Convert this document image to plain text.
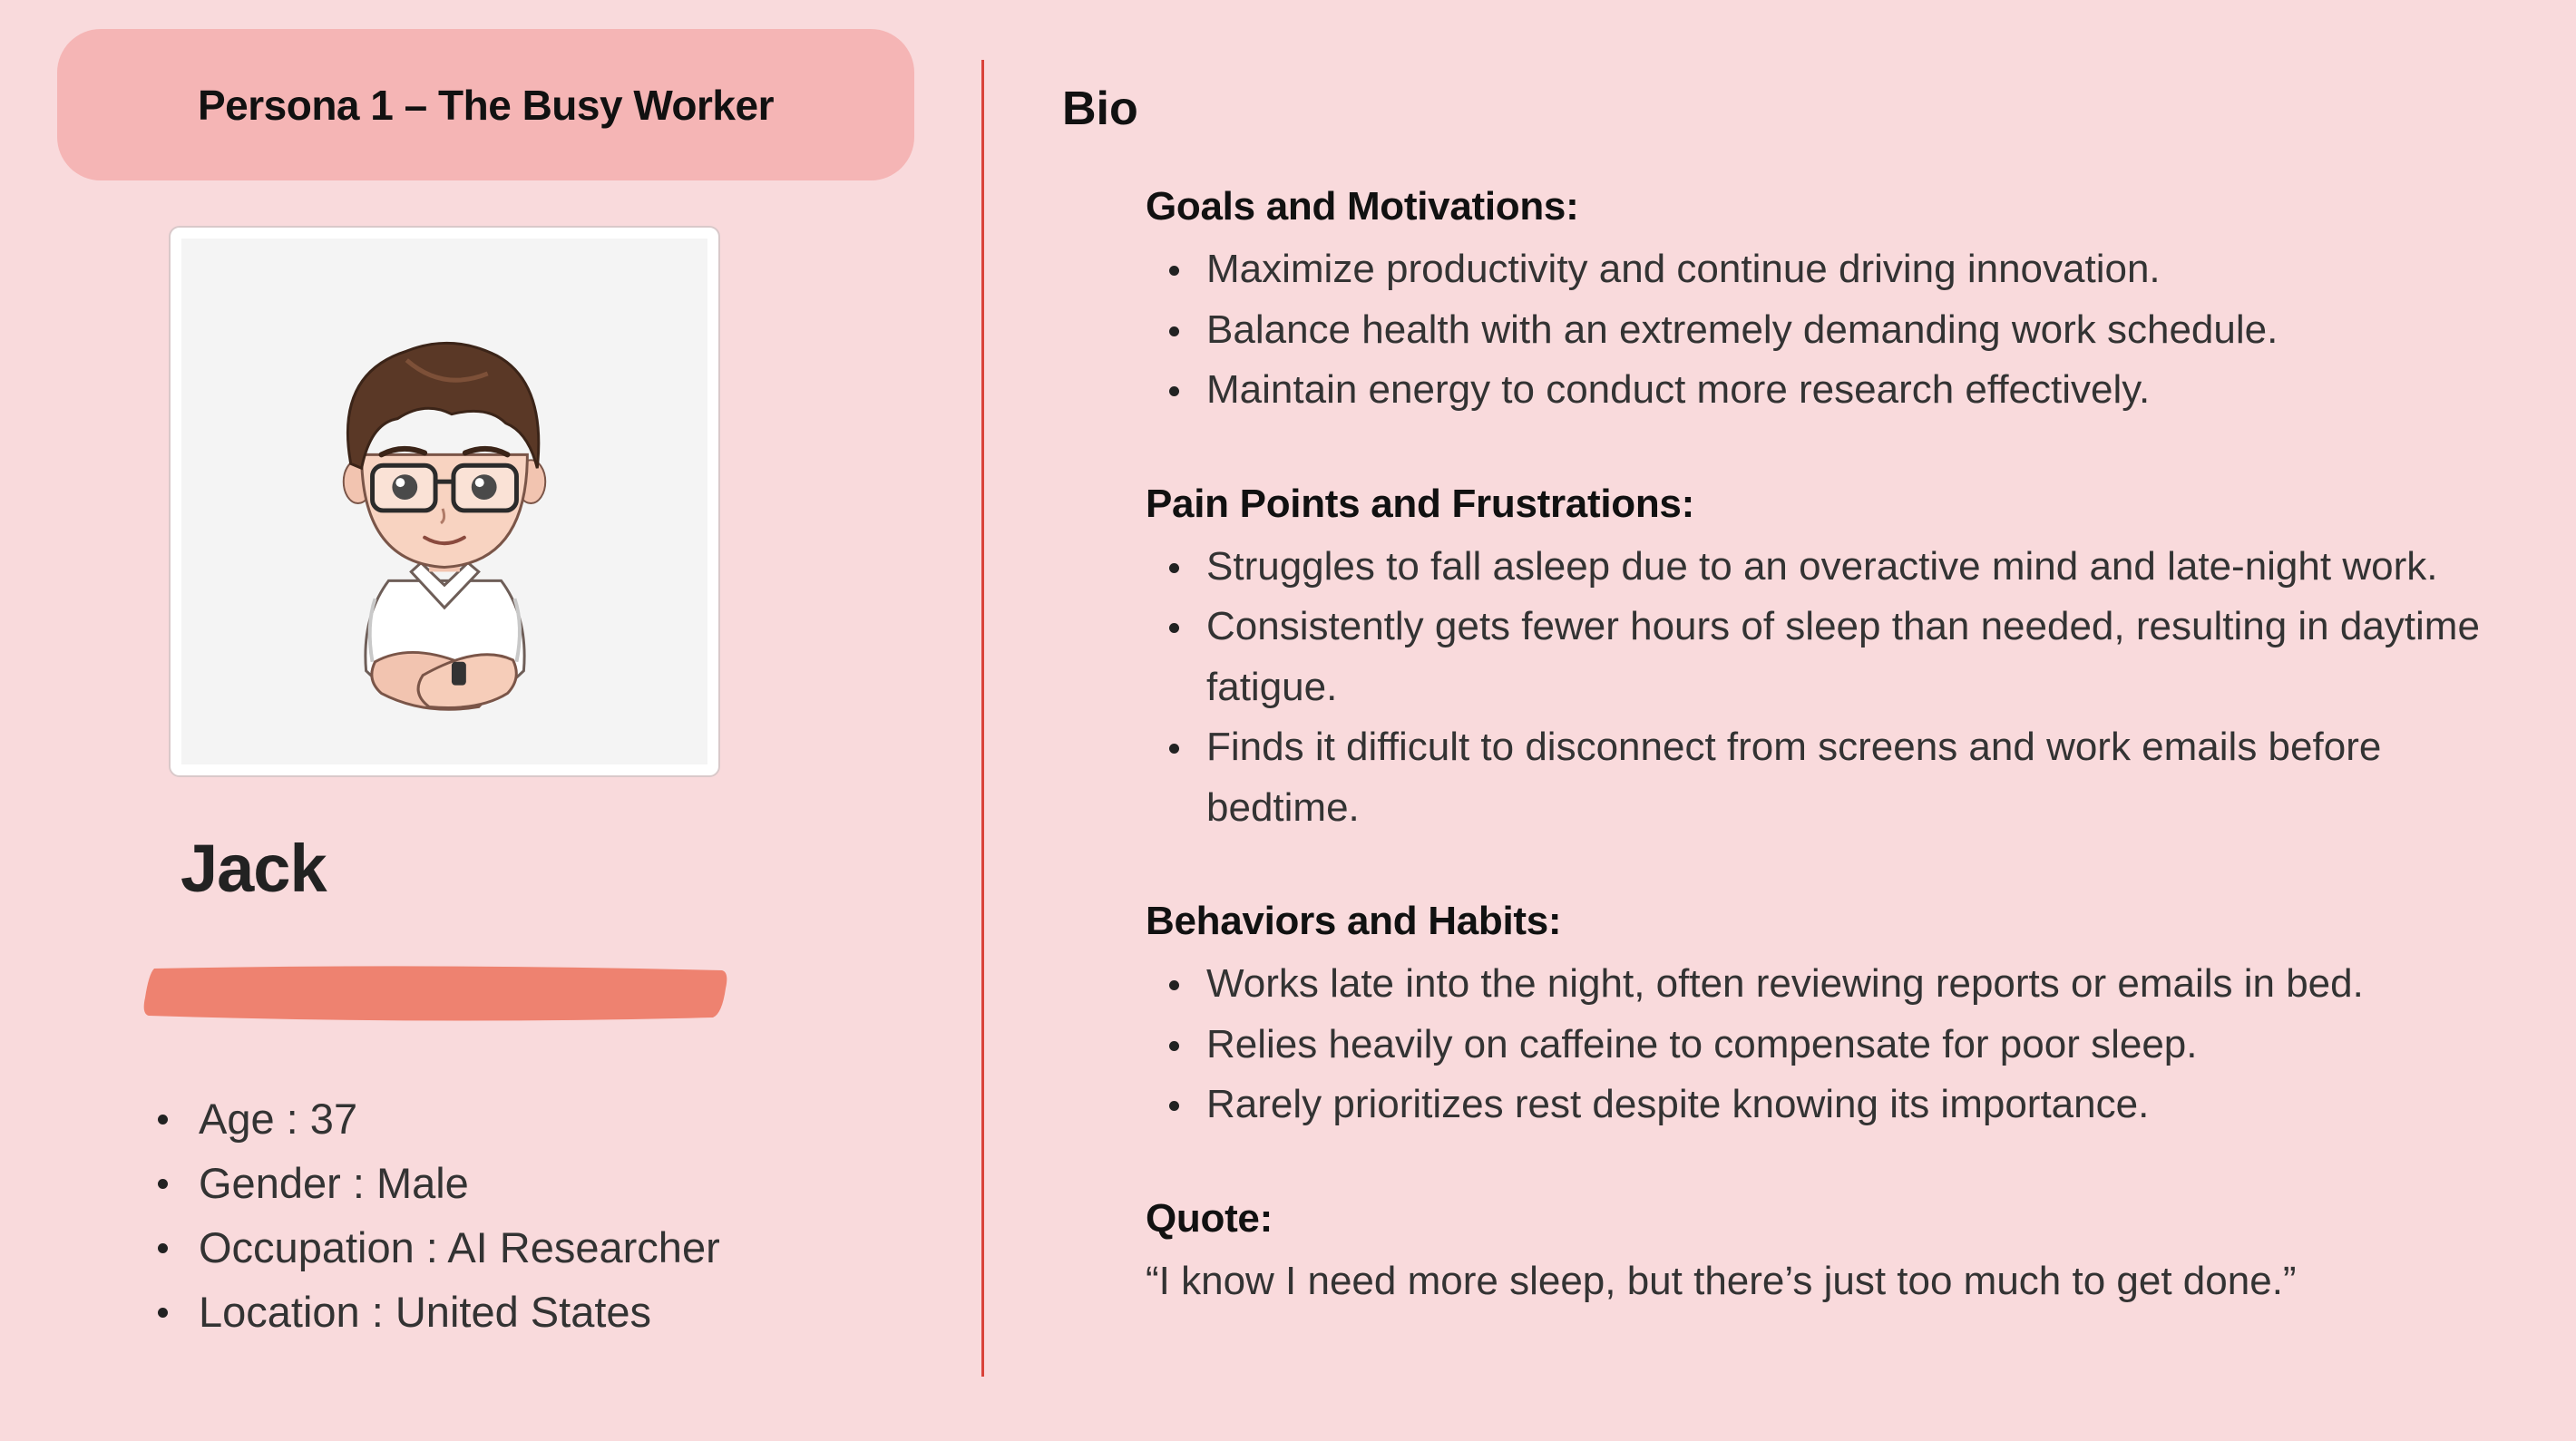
Persona 1 – The Busy Worker
Jack
Age : 37
Gender : Male
Occupation : AI Researcher
Location : United States
Bio
Goals and Motivations:
Maximize productivity and continue driving innovation.
Balance health with an extremely demanding work schedule.
Maintain energy to conduct more research effectively.
Pain Points and Frustrations:
Struggles to fall asleep due to an overactive mind and late-night work.
Consistently gets fewer hours of sleep than needed, resulting in daytime fatigue.
Finds it difficult to disconnect from screens and work emails before bedtime.
Behaviors and Habits:
Works late into the night, often reviewing reports or emails in bed.
Relies heavily on caffeine to compensate for poor sleep.
Rarely prioritizes rest despite knowing its importance.
Quote:
“I know I need more sleep, but there’s just too much to get done.”
